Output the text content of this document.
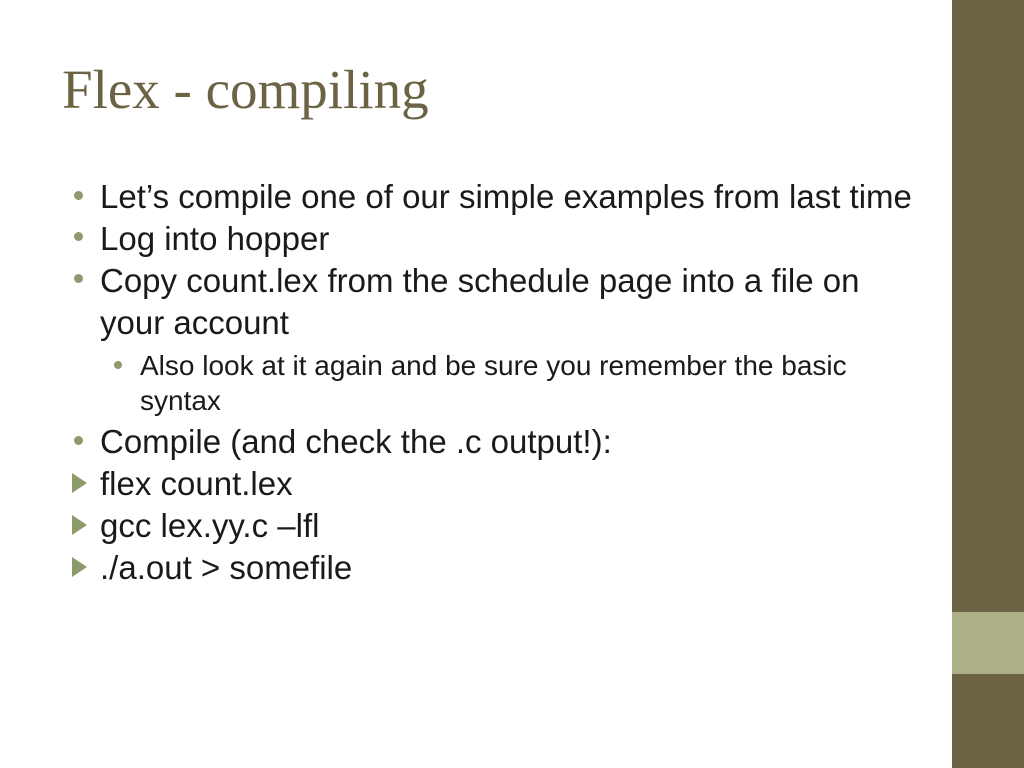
Flex - compiling
Let’s compile one of our simple examples from last time
Log into hopper
Copy count.lex from the schedule page into a file on your account
Also look at it again and be sure you remember the basic syntax
Compile (and check the .c output!):
flex count.lex
gcc lex.yy.c –lfl
./a.out > somefile
